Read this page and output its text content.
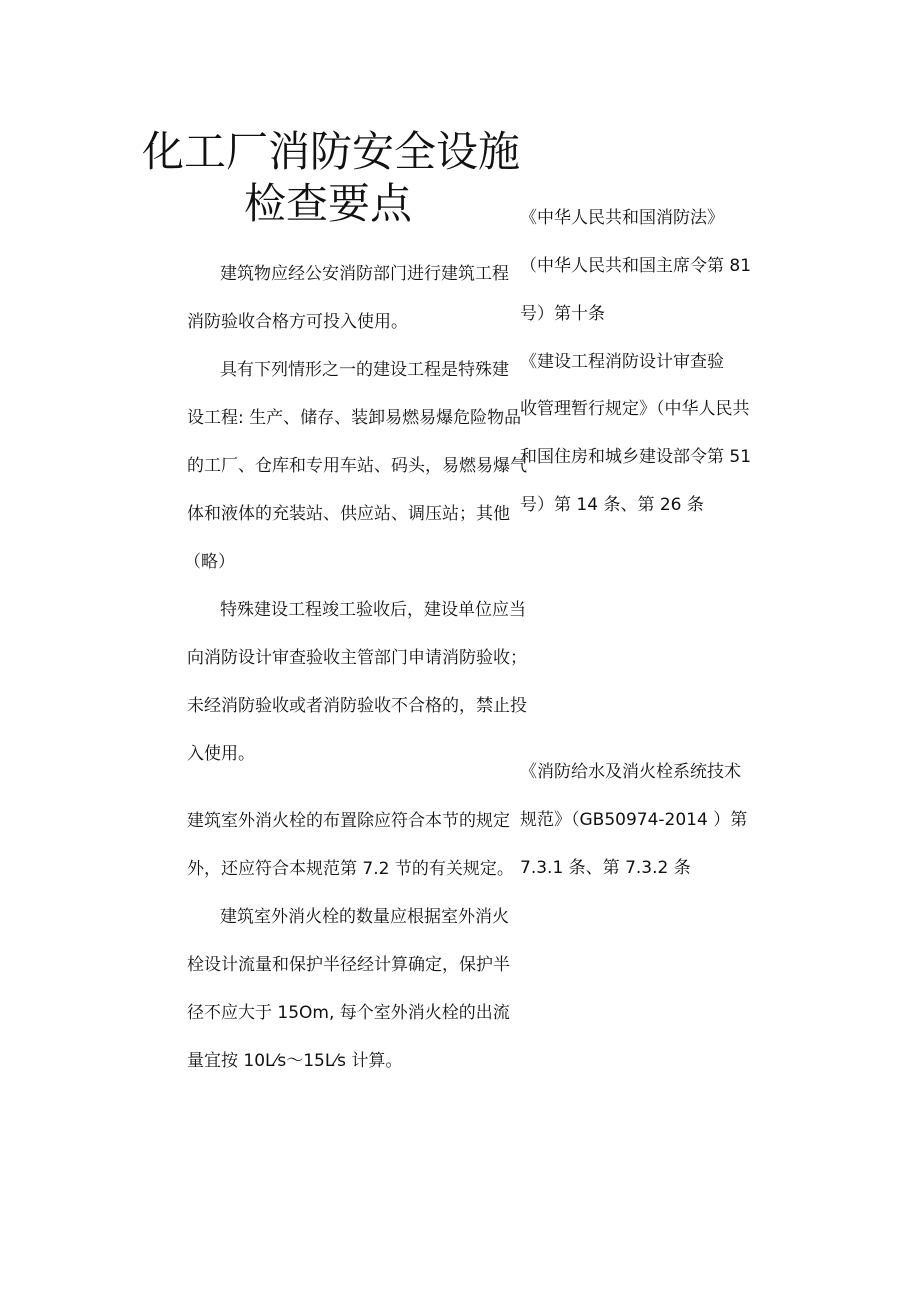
化工厂消防安全设施
检查要点	《中华人民共和国消防法》
（中华人民共和国主席令第 81
号）第十条
建筑物应经公安消防部门进行建筑工程
消防验收合格方可投入使用。
《建设工程消防设计审查验
收管理暂行规定》（中华人民共
和国住房和城乡建设部令第 51
号）第 14 条、第 26 条
具有下列情形之一的建设工程是特殊建
设工程: 生产、储存、装卸易燃易爆危险物品
的工厂、仓库和专用车站、码头，易燃易爆气
体和液体的充装站、供应站、调压站；其他
（略）
特殊建设工程竣工验收后，建设单位应当
向消防设计审查验收主管部门申请消防验收；
未经消防验收或者消防验收不合格的，禁止投
入使用。
《消防给水及消火栓系统技术
规范》（GB50974-2014 ）第
7.3.1 条、第 7.3.2 条
建筑室外消火栓的布置除应符合本节的规定
外，还应符合本规范第 7.2 节的有关规定。
建筑室外消火栓的数量应根据室外消火
栓设计流量和保护半径经计算确定，保护半
径不应大于 15Om, 每个室外消火栓的出流
量宜按 10L⁄s～15L⁄s 计算。
